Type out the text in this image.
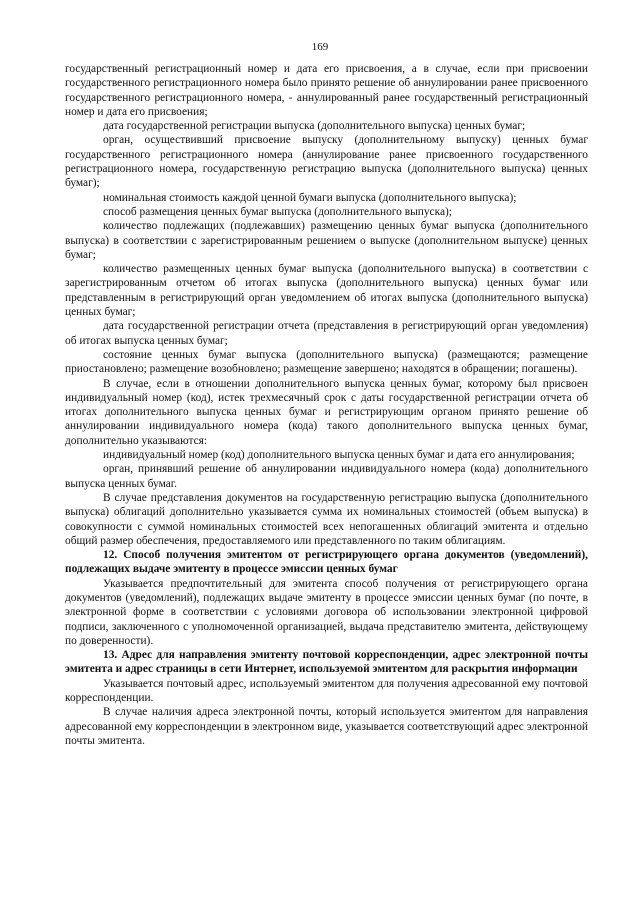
169

государственный регистрационный номер и дата его присвоения, а в случае, если при присвоении государственного регистрационного номера было принято решение об аннулировании ранее присвоенного государственного регистрационного номера, - аннулированный ранее государственный регистрационный номер и дата его присвоения;

дата государственной регистрации выпуска (дополнительного выпуска) ценных бумаг;

орган, осуществивший присвоение выпуску (дополнительному выпуску) ценных бумаг государственного регистрационного номера (аннулирование ранее присвоенного государственного регистрационного номера, государственную регистрацию выпуска (дополнительного выпуска) ценных бумаг);

номинальная стоимость каждой ценной бумаги выпуска (дополнительного выпуска);

способ размещения ценных бумаг выпуска (дополнительного выпуска);

количество подлежащих (подлежавших) размещению ценных бумаг выпуска (дополнительного выпуска) в соответствии с зарегистрированным решением о выпуске (дополнительном выпуске) ценных бумаг;

количество размещенных ценных бумаг выпуска (дополнительного выпуска) в соответствии с зарегистрированным отчетом об итогах выпуска (дополнительного выпуска) ценных бумаг или представленным в регистрирующий орган уведомлением об итогах выпуска (дополнительного выпуска) ценных бумаг;

дата государственной регистрации отчета (представления в регистрирующий орган уведомления) об итогах выпуска ценных бумаг;

состояние ценных бумаг выпуска (дополнительного выпуска) (размещаются; размещение приостановлено; размещение возобновлено; размещение завершено; находятся в обращении; погашены).

В случае, если в отношении дополнительного выпуска ценных бумаг, которому был присвоен индивидуальный номер (код), истек трехмесячный срок с даты государственной регистрации отчета об итогах дополнительного выпуска ценных бумаг и регистрирующим органом принято решение об аннулировании индивидуального номера (кода) такого дополнительного выпуска ценных бумаг, дополнительно указываются:

индивидуальный номер (код) дополнительного выпуска ценных бумаг и дата его аннулирования;

орган, принявший решение об аннулировании индивидуального номера (кода) дополнительного выпуска ценных бумаг.

В случае представления документов на государственную регистрацию выпуска (дополнительного выпуска) облигаций дополнительно указывается сумма их номинальных стоимостей (объем выпуска) в совокупности с суммой номинальных стоимостей всех непогашенных облигаций эмитента и отдельно общий размер обеспечения, предоставляемого или представленного по таким облигациям.

12. Способ получения эмитентом от регистрирующего органа документов (уведомлений), подлежащих выдаче эмитенту в процессе эмиссии ценных бумаг

Указывается предпочтительный для эмитента способ получения от регистрирующего органа документов (уведомлений), подлежащих выдаче эмитенту в процессе эмиссии ценных бумаг (по почте, в электронной форме в соответствии с условиями договора об использовании электронной цифровой подписи, заключенного с уполномоченной организацией, выдача представителю эмитента, действующему по доверенности).

13. Адрес для направления эмитенту почтовой корреспонденции, адрес электронной почты эмитента и адрес страницы в сети Интернет, используемой эмитентом для раскрытия информации

Указывается почтовый адрес, используемый эмитентом для получения адресованной ему почтовой корреспонденции.

В случае наличия адреса электронной почты, который используется эмитентом для направления адресованной ему корреспонденции в электронном виде, указывается соответствующий адрес электронной почты эмитента.
